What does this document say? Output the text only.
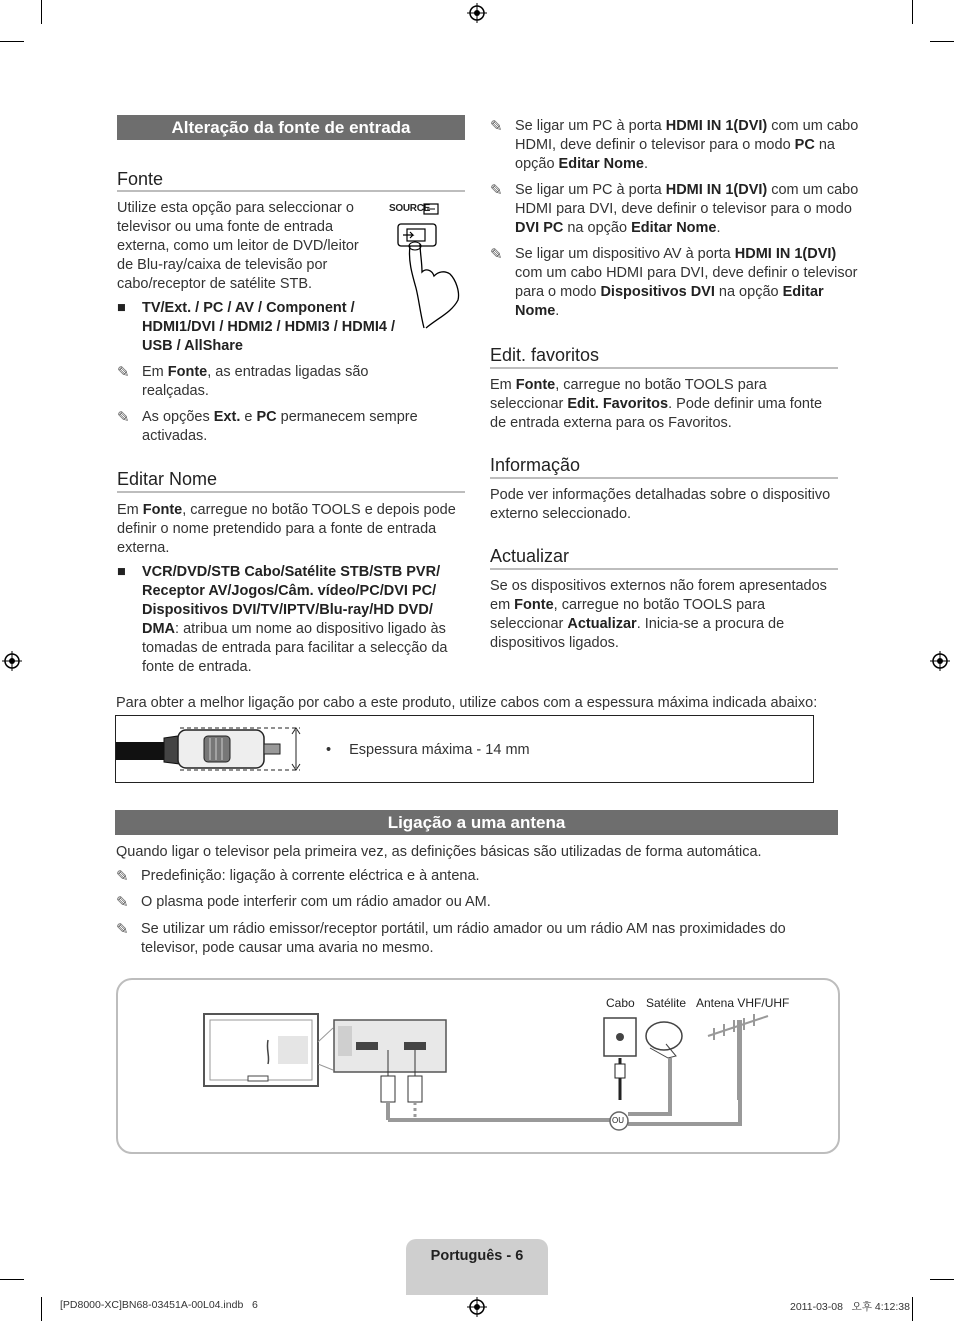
Alteração da fonte de entrada
Fonte

Utilize esta opção para seleccionar o televisor ou uma fonte de entrada externa, como um leitor de DVD/leitor de Blu-ray/caixa de televisão por cabo/receptor de satélite STB.

SOURCE
■ TV/Ext. / PC / AV / Component / HDMI1/DVI / HDMI2 / HDMI3 / HDMI4 / USB / AllShare
✎ Em Fonte, as entradas ligadas são realçadas.
✎ As opções Ext. e PC permanecem sempre activadas.
Editar Nome

Em Fonte, carregue no botão TOOLS e depois pode definir o nome pretendido para a fonte de entrada externa.

■ VCR/DVD/STB Cabo/Satélite STB/STB PVR/ Receptor AV/Jogos/Câm. vídeo/PC/DVI PC/ Dispositivos DVI/TV/IPTV/Blu-ray/HD DVD/ DMA: atribua um nome ao dispositivo ligado às tomadas de entrada para facilitar a selecção da fonte de entrada.
✎ Se ligar um PC à porta HDMI IN 1(DVI) com um cabo HDMI, deve definir o televisor para o modo PC na opção Editar Nome.
✎ Se ligar um PC à porta HDMI IN 1(DVI) com um cabo HDMI para DVI, deve definir o televisor para o modo DVI PC na opção Editar Nome.
✎ Se ligar um dispositivo AV à porta HDMI IN 1(DVI) com um cabo HDMI para DVI, deve definir o televisor para o modo Dispositivos DVI na opção Editar Nome.
Edit. favoritos

Em Fonte, carregue no botão TOOLS para seleccionar Edit. Favoritos. Pode definir uma fonte de entrada externa para os Favoritos.

Informação

Pode ver informações detalhadas sobre o dispositivo externo seleccionado.

Actualizar

Se os dispositivos externos não forem apresentados em Fonte, carregue no botão TOOLS para seleccionar Actualizar. Inicia-se a procura de dispositivos ligados.

Para obter a melhor ligação por cabo a este produto, utilize cabos com a espessura máxima indicada abaixo:

• Espessura máxima - 14 mm
Ligação a uma antena

Quando ligar o televisor pela primeira vez, as definições básicas são utilizadas de forma automática.

✎ Predefinição: ligação à corrente eléctrica e à antena.
✎ O plasma pode interferir com um rádio amador ou AM.
✎ Se utilizar um rádio emissor/receptor portátil, um rádio amador ou um rádio AM nas proximidades do televisor, pode causar uma avaria no mesmo.
Cabo Satélite Antena VHF/UHF
OU
Português - 6
[PD8000-XC]BN68-03451A-00L04.indb   6	2011-03-08   오후 4:12:38
